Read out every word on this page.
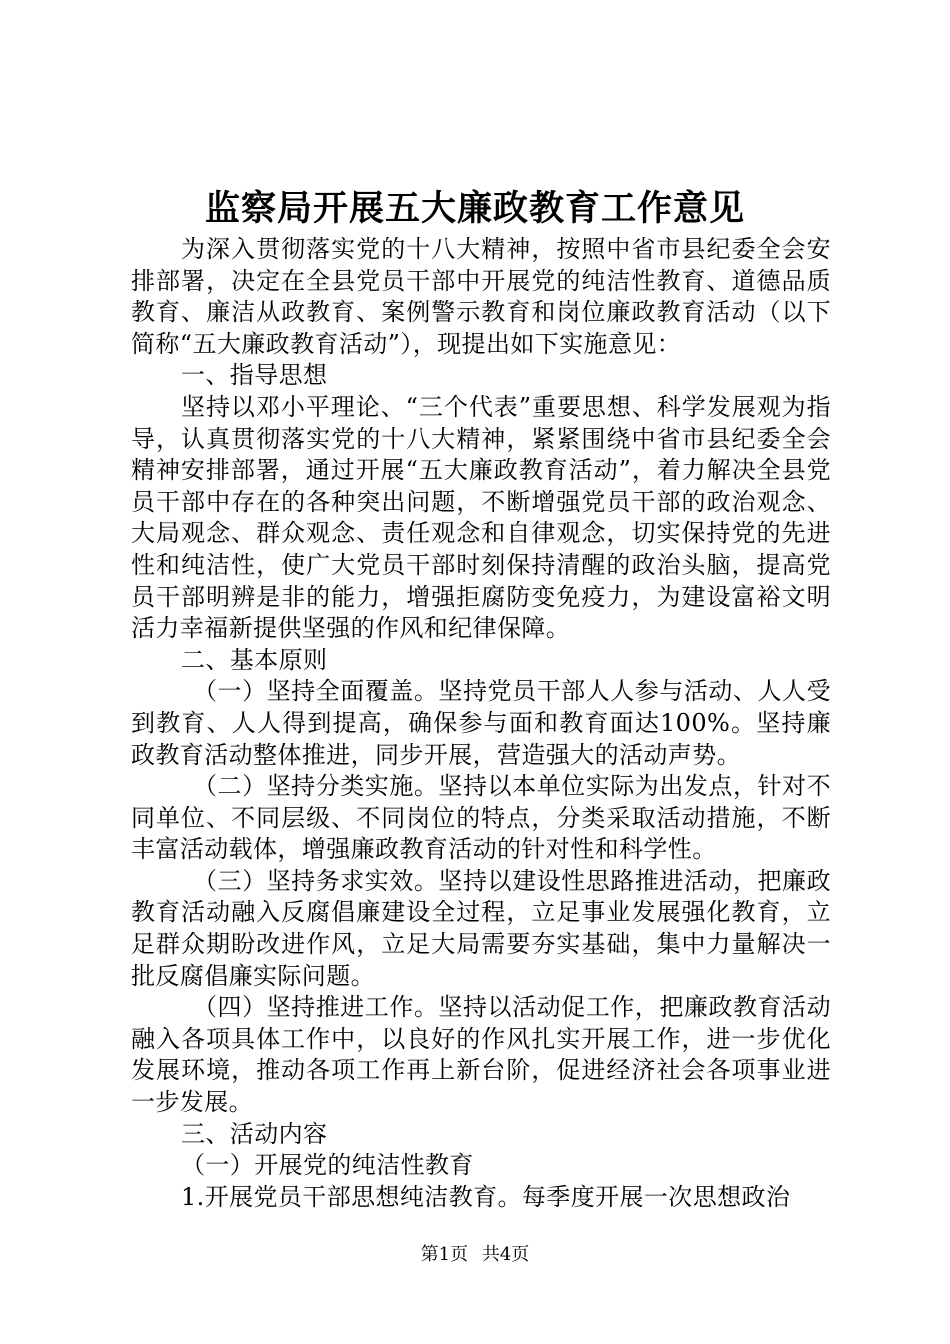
监察局开展五大廉政教育工作意见

为深入贯彻落实党的十八大精神，按照中省市县纪委全会安排部署，决定在全县党员干部中开展党的纯洁性教育、道德品质教育、廉洁从政教育、案例警示教育和岗位廉政教育活动（以下简称“五大廉政教育活动”），现提出如下实施意见：

一、指导思想

坚持以邓小平理论、“三个代表”重要思想、科学发展观为指导，认真贯彻落实党的十八大精神，紧紧围绕中省市县纪委全会精神安排部署，通过开展“五大廉政教育活动”，着力解决全县党员干部中存在的各种突出问题，不断增强党员干部的政治观念、大局观念、群众观念、责任观念和自律观念，切实保持党的先进性和纯洁性，使广大党员干部时刻保持清醒的政治头脑，提高党员干部明辨是非的能力，增强拒腐防变免疫力，为建设富裕文明活力幸福新提供坚强的作风和纪律保障。

二、基本原则

（一）坚持全面覆盖。坚持党员干部人人参与活动、人人受到教育、人人得到提高，确保参与面和教育面达100%。坚持廉政教育活动整体推进，同步开展，营造强大的活动声势。

（二）坚持分类实施。坚持以本单位实际为出发点，针对不同单位、不同层级、不同岗位的特点，分类采取活动措施，不断丰富活动载体，增强廉政教育活动的针对性和科学性。

（三）坚持务求实效。坚持以建设性思路推进活动，把廉政教育活动融入反腐倡廉建设全过程，立足事业发展强化教育，立足群众期盼改进作风，立足大局需要夯实基础，集中力量解决一批反腐倡廉实际问题。

（四）坚持推进工作。坚持以活动促工作，把廉政教育活动融入各项具体工作中，以良好的作风扎实开展工作，进一步优化发展环境，推动各项工作再上新台阶，促进经济社会各项事业进一步发展。

三、活动内容

（一）开展党的纯洁性教育

1.开展党员干部思想纯洁教育。每季度开展一次思想政治

第1页 共4页
